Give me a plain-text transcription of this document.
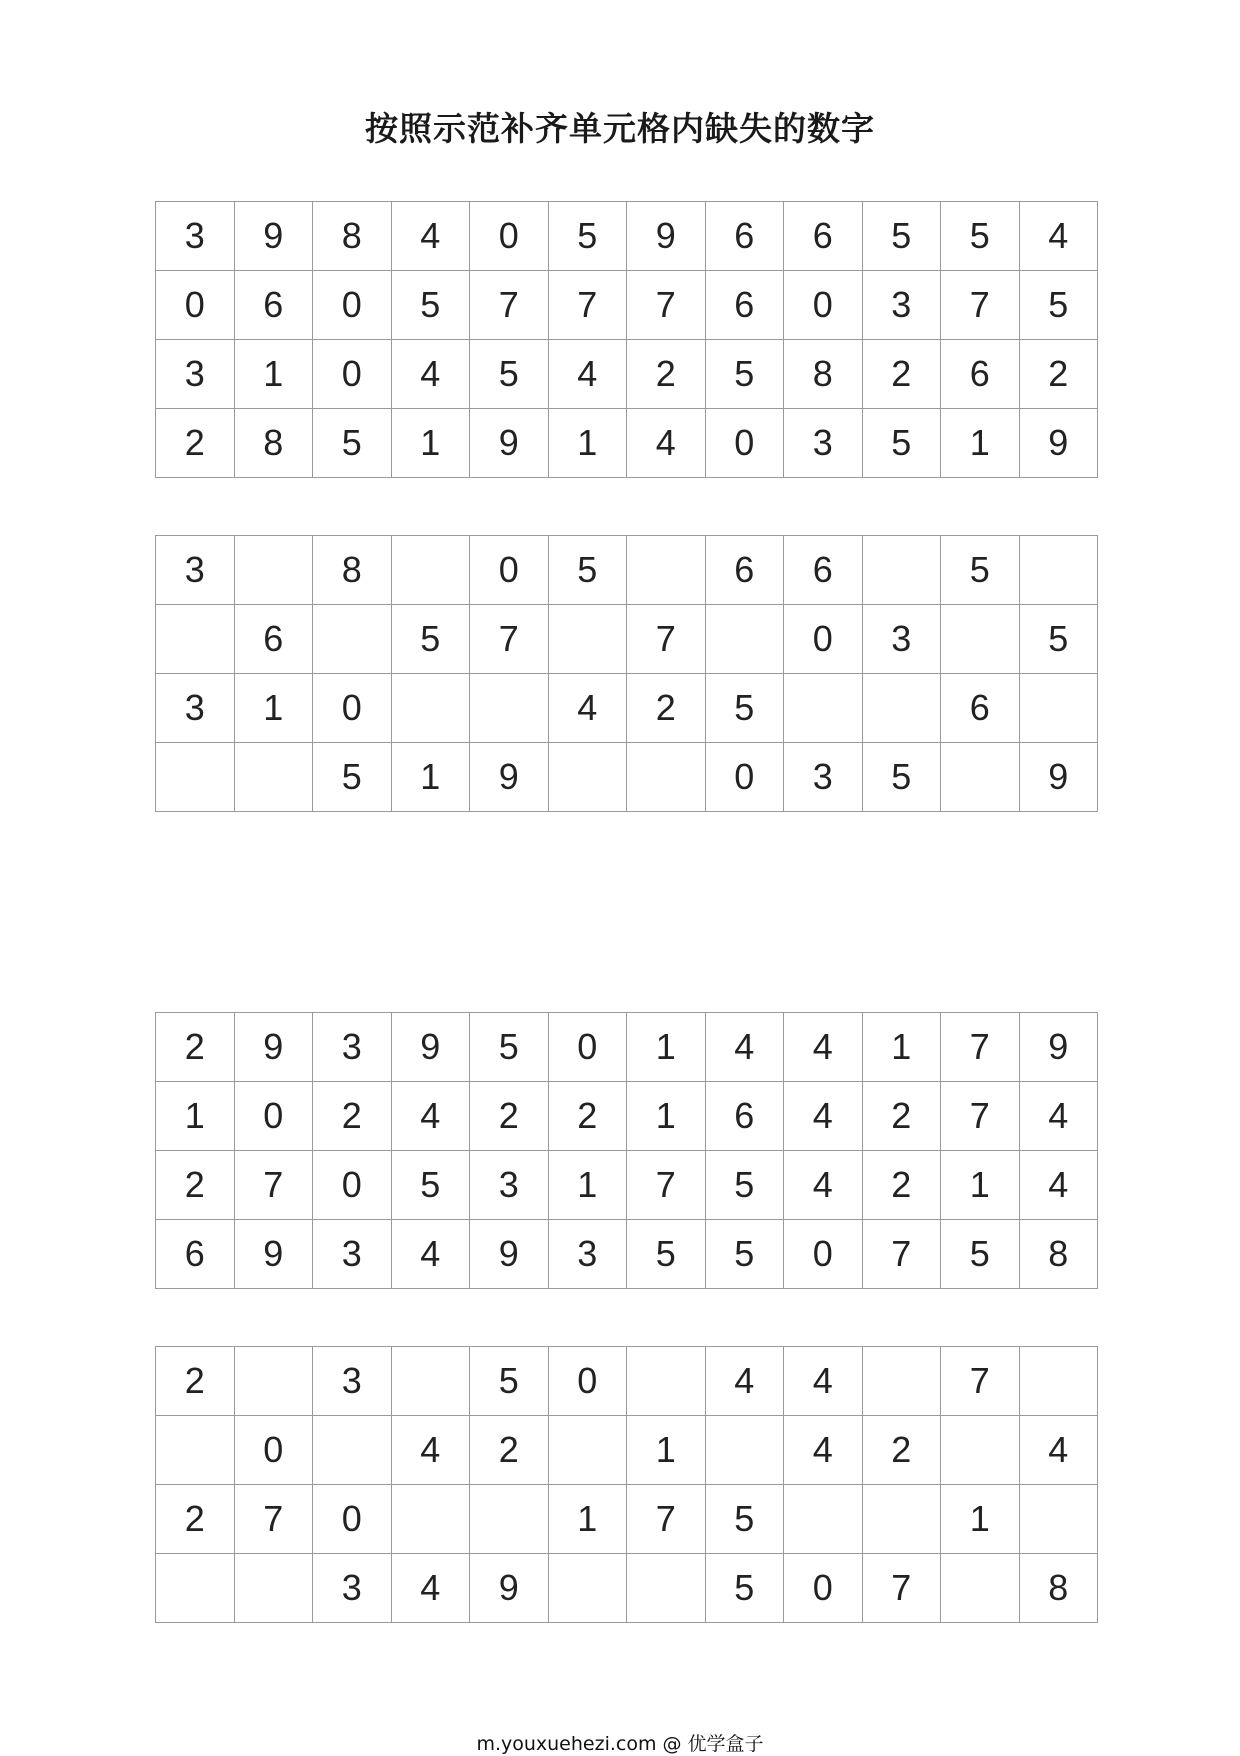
按照示范补齐单元格内缺失的数字
3	9	8	4	0	5	9	6	6	5	5	4
0	6	0	5	7	7	7	6	0	3	7	5
3	1	0	4	5	4	2	5	8	2	6	2
2	8	5	1	9	1	4	0	3	5	1	9
3		8		0	5		6	6		5	
	6		5	7		7		0	3		5
3	1	0			4	2	5			6	
		5	1	9			0	3	5		9
2	9	3	9	5	0	1	4	4	1	7	9
1	0	2	4	2	2	1	6	4	2	7	4
2	7	0	5	3	1	7	5	4	2	1	4
6	9	3	4	9	3	5	5	0	7	5	8
2		3		5	0		4	4		7	
	0		4	2		1		4	2		4
2	7	0			1	7	5			1	
		3	4	9			5	0	7		8
m.youxuehezi.com @ 优学盒子
